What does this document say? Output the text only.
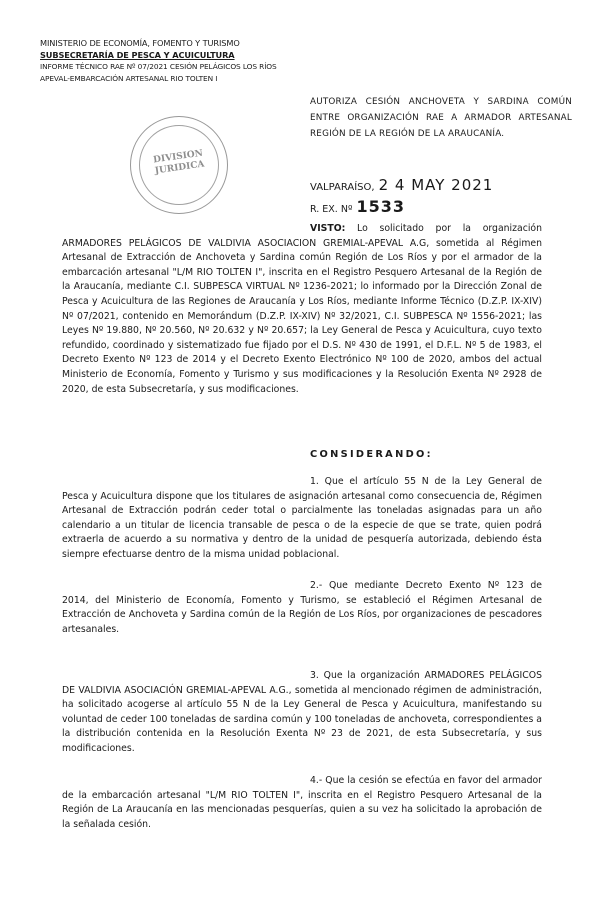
MINISTERIO DE ECONOMÍA, FOMENTO Y TURISMO
SUBSECRETARÍA DE PESCA Y ACUICULTURA
INFORME TÉCNICO RAE Nº 07/2021 CESIÓN PELÁGICOS LOS RÍOS
APEVAL-EMBARCACIÓN ARTESANAL RIO TOLTEN I
AUTORIZA CESIÓN ANCHOVETA Y SARDINA COMÚN ENTRE ORGANIZACIÓN RAE A ARMADOR ARTESANAL REGIÓN DE LA REGIÓN DE LA ARAUCANÍA.
DIVISION JURIDICA
VALPARAÍSO, 2 4 MAY 2021
R. EX. Nº 1533

VISTO: Lo solicitado por la organización ARMADORES PELÁGICOS DE VALDIVIA ASOCIACION GREMIAL-APEVAL A.G, sometida al Régimen Artesanal de Extracción de Anchoveta y Sardina común Región de Los Ríos y por el armador de la embarcación artesanal "L/M RIO TOLTEN I", inscrita en el Registro Pesquero Artesanal de la Región de la Araucanía, mediante C.I. SUBPESCA VIRTUAL Nº 1236-2021; lo informado por la Dirección Zonal de Pesca y Acuicultura de las Regiones de Araucanía y Los Ríos, mediante Informe Técnico (D.Z.P. IX-XIV) Nº 07/2021, contenido en Memorándum (D.Z.P. IX-XIV) Nº 32/2021, C.I. SUBPESCA Nº 1556-2021; las Leyes Nº 19.880, Nº 20.560, Nº 20.632 y Nº 20.657; la Ley General de Pesca y Acuicultura, cuyo texto refundido, coordinado y sistematizado fue fijado por el D.S. Nº 430 de 1991, el D.F.L. Nº 5 de 1983, el Decreto Exento Nº 123 de 2014 y el Decreto Exento Electrónico Nº 100 de 2020, ambos del actual Ministerio de Economía, Fomento y Turismo y sus modificaciones y la Resolución Exenta Nº 2928 de 2020, de esta Subsecretaría, y sus modificaciones.

CONSIDERANDO:

1. Que el artículo 55 N de la Ley General de Pesca y Acuicultura dispone que los titulares de asignación artesanal como consecuencia de, Régimen Artesanal de Extracción podrán ceder total o parcialmente las toneladas asignadas para un año calendario a un titular de licencia transable de pesca o de la especie de que se trate, quien podrá extraerla de acuerdo a su normativa y dentro de la unidad de pesquería autorizada, debiendo ésta siempre efectuarse dentro de la misma unidad poblacional.

2.- Que mediante Decreto Exento Nº 123 de 2014, del Ministerio de Economía, Fomento y Turismo, se estableció el Régimen Artesanal de Extracción de Anchoveta y Sardina común de la Región de Los Ríos, por organizaciones de pescadores artesanales.

3. Que la organización ARMADORES PELÁGICOS DE VALDIVIA ASOCIACIÓN GREMIAL-APEVAL A.G., sometida al mencionado régimen de administración, ha solicitado acogerse al artículo 55 N de la Ley General de Pesca y Acuicultura, manifestando su voluntad de ceder 100 toneladas de sardina común y 100 toneladas de anchoveta, correspondientes a la distribución contenida en la Resolución Exenta Nº 23 de 2021, de esta Subsecretaría, y sus modificaciones.

4.- Que la cesión se efectúa en favor del armador de la embarcación artesanal "L/M RIO TOLTEN I", inscrita en el Registro Pesquero Artesanal de la Región de La Araucanía en las mencionadas pesquerías, quien a su vez ha solicitado la aprobación de la señalada cesión.
